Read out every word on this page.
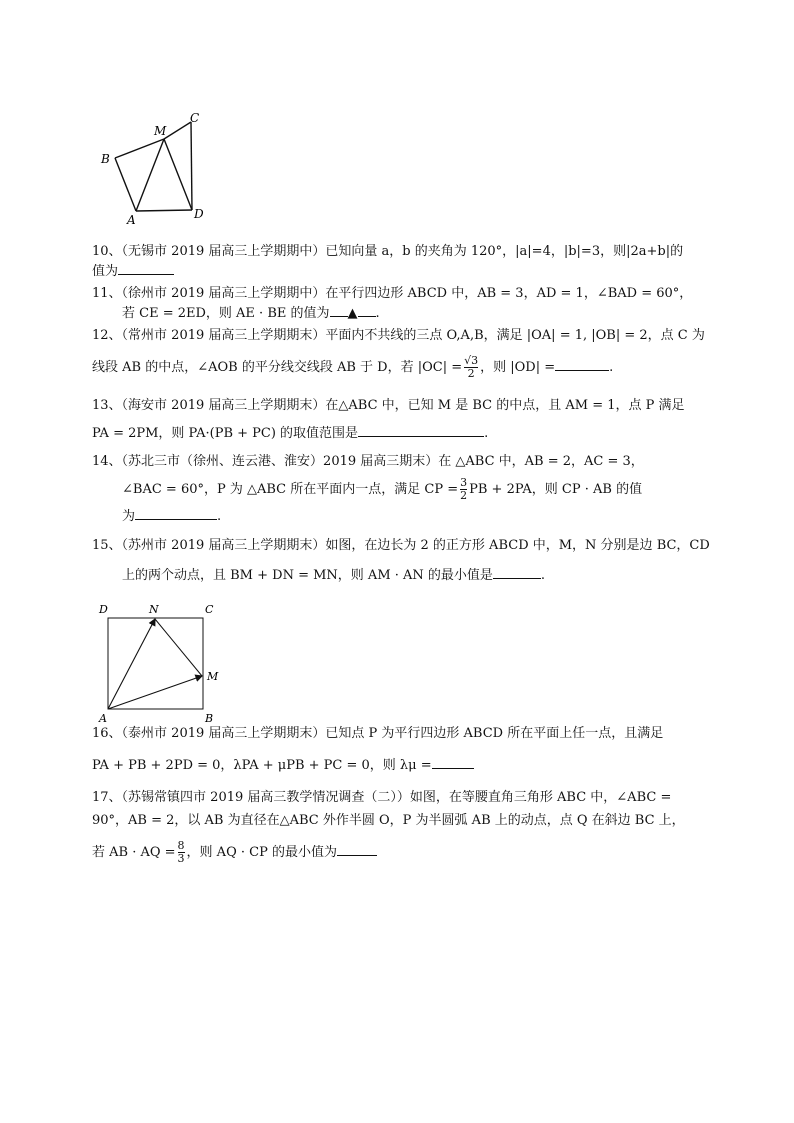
B
M
C
A	D
10、（无锡市 2019 届高三上学期期中）已知向量 a，b 的夹角为 120°，|a|=4，|b|=3，则|2a+b|的
值为
11、（徐州市 2019 届高三上学期期中）在平行四边形 ABCD 中，AB = 3，AD = 1，∠BAD = 60°，
若 CE = 2ED，则 AE · BE 的值为 ▲ .
12、（常州市 2019 届高三上学期期末）平面内不共线的三点 O,A,B，满足 |OA| = 1, |OB| = 2，点 C 为
线段 AB 的中点，∠AOB 的平分线交线段 AB 于 D，若 $|OC| = \frac{√3}{2}$ ，则 |OD| =	.
13、（海安市 2019 届高三上学期期末）在△ABC 中，已知 M 是 BC 的中点，且 AM = 1，点 P 满足
PA = 2PM，则 PA·(PB + PC) 的取值范围是	.
14、（苏北三市（徐州、连云港、淮安）2019 届高三期末）在 △ABC 中，AB = 2，AC = 3，
∠BAC = 60°，P 为 △ABC 所在平面内一点，满足 CP = $\frac{3}{2}$ PB + 2PA，则 CP · AB 的值
为	.
15、（苏州市 2019 届高三上学期期末）如图，在边长为 2 的正方形 ABCD 中，M，N 分别是边 BC，CD
上的两个动点，且 BM + DN = MN，则 AM · AN 的最小值是	.
D	N	C
M
A	B
16、（泰州市 2019 届高三上学期期末）已知点 P 为平行四边形 ABCD 所在平面上任一点，且满足
PA + PB + 2PD = 0，λPA + μPB + PC = 0，则 λμ =
17、（苏锡常镇四市 2019 届高三教学情况调查（二））如图，在等腰直角三角形 ABC 中，∠ABC =
90°，AB = 2，以 AB 为直径在△ABC 外作半圆 O，P 为半圆弧 AB 上的动点，点 Q 在斜边 BC 上，
若 AB · AQ = $\frac{8}{3}$ ，则 AQ · CP 的最小值为
